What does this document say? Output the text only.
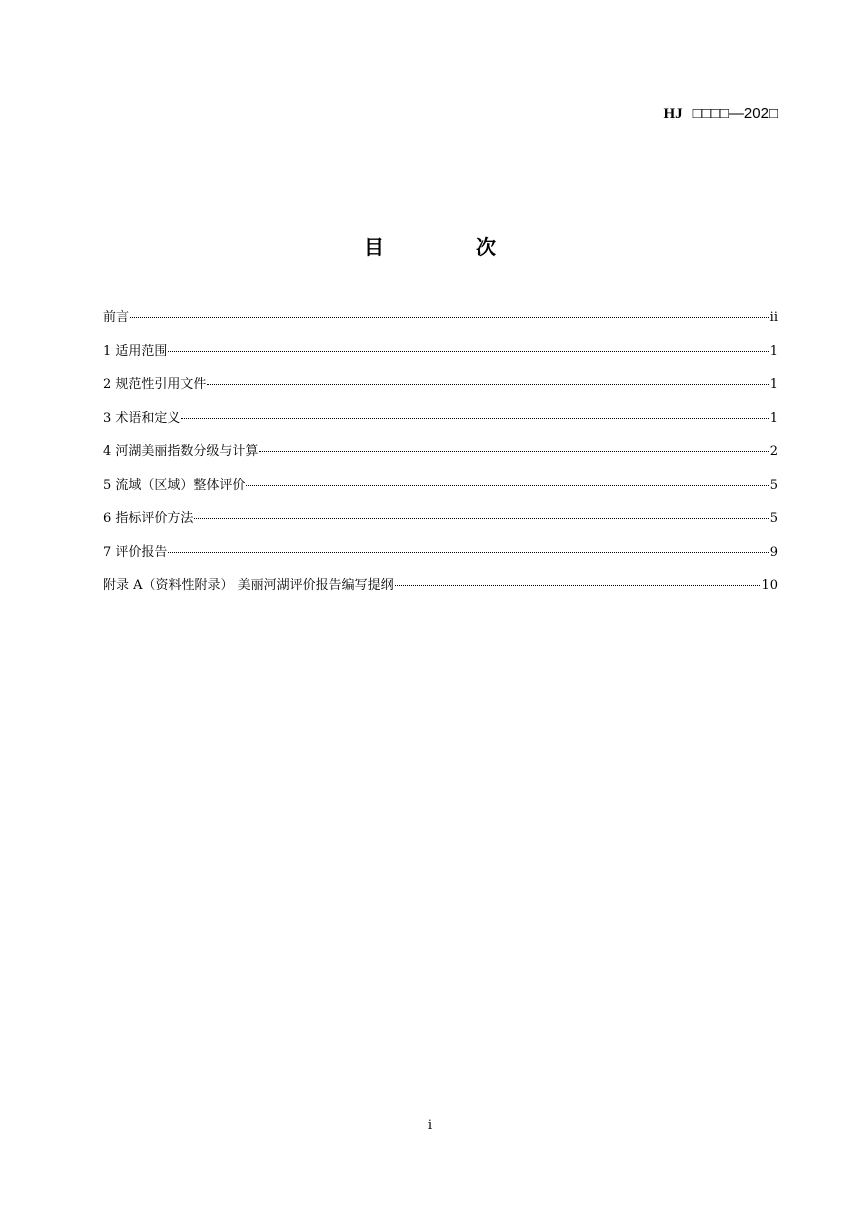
HJ □□□□—202□
目　次
前言	ii
1 适用范围	1
2 规范性引用文件	1
3 术语和定义	1
4 河湖美丽指数分级与计算	2
5 流域（区域）整体评价	5
6 指标评价方法	5
7 评价报告	9
附录 A（资料性附录） 美丽河湖评价报告编写提纲	10
i
